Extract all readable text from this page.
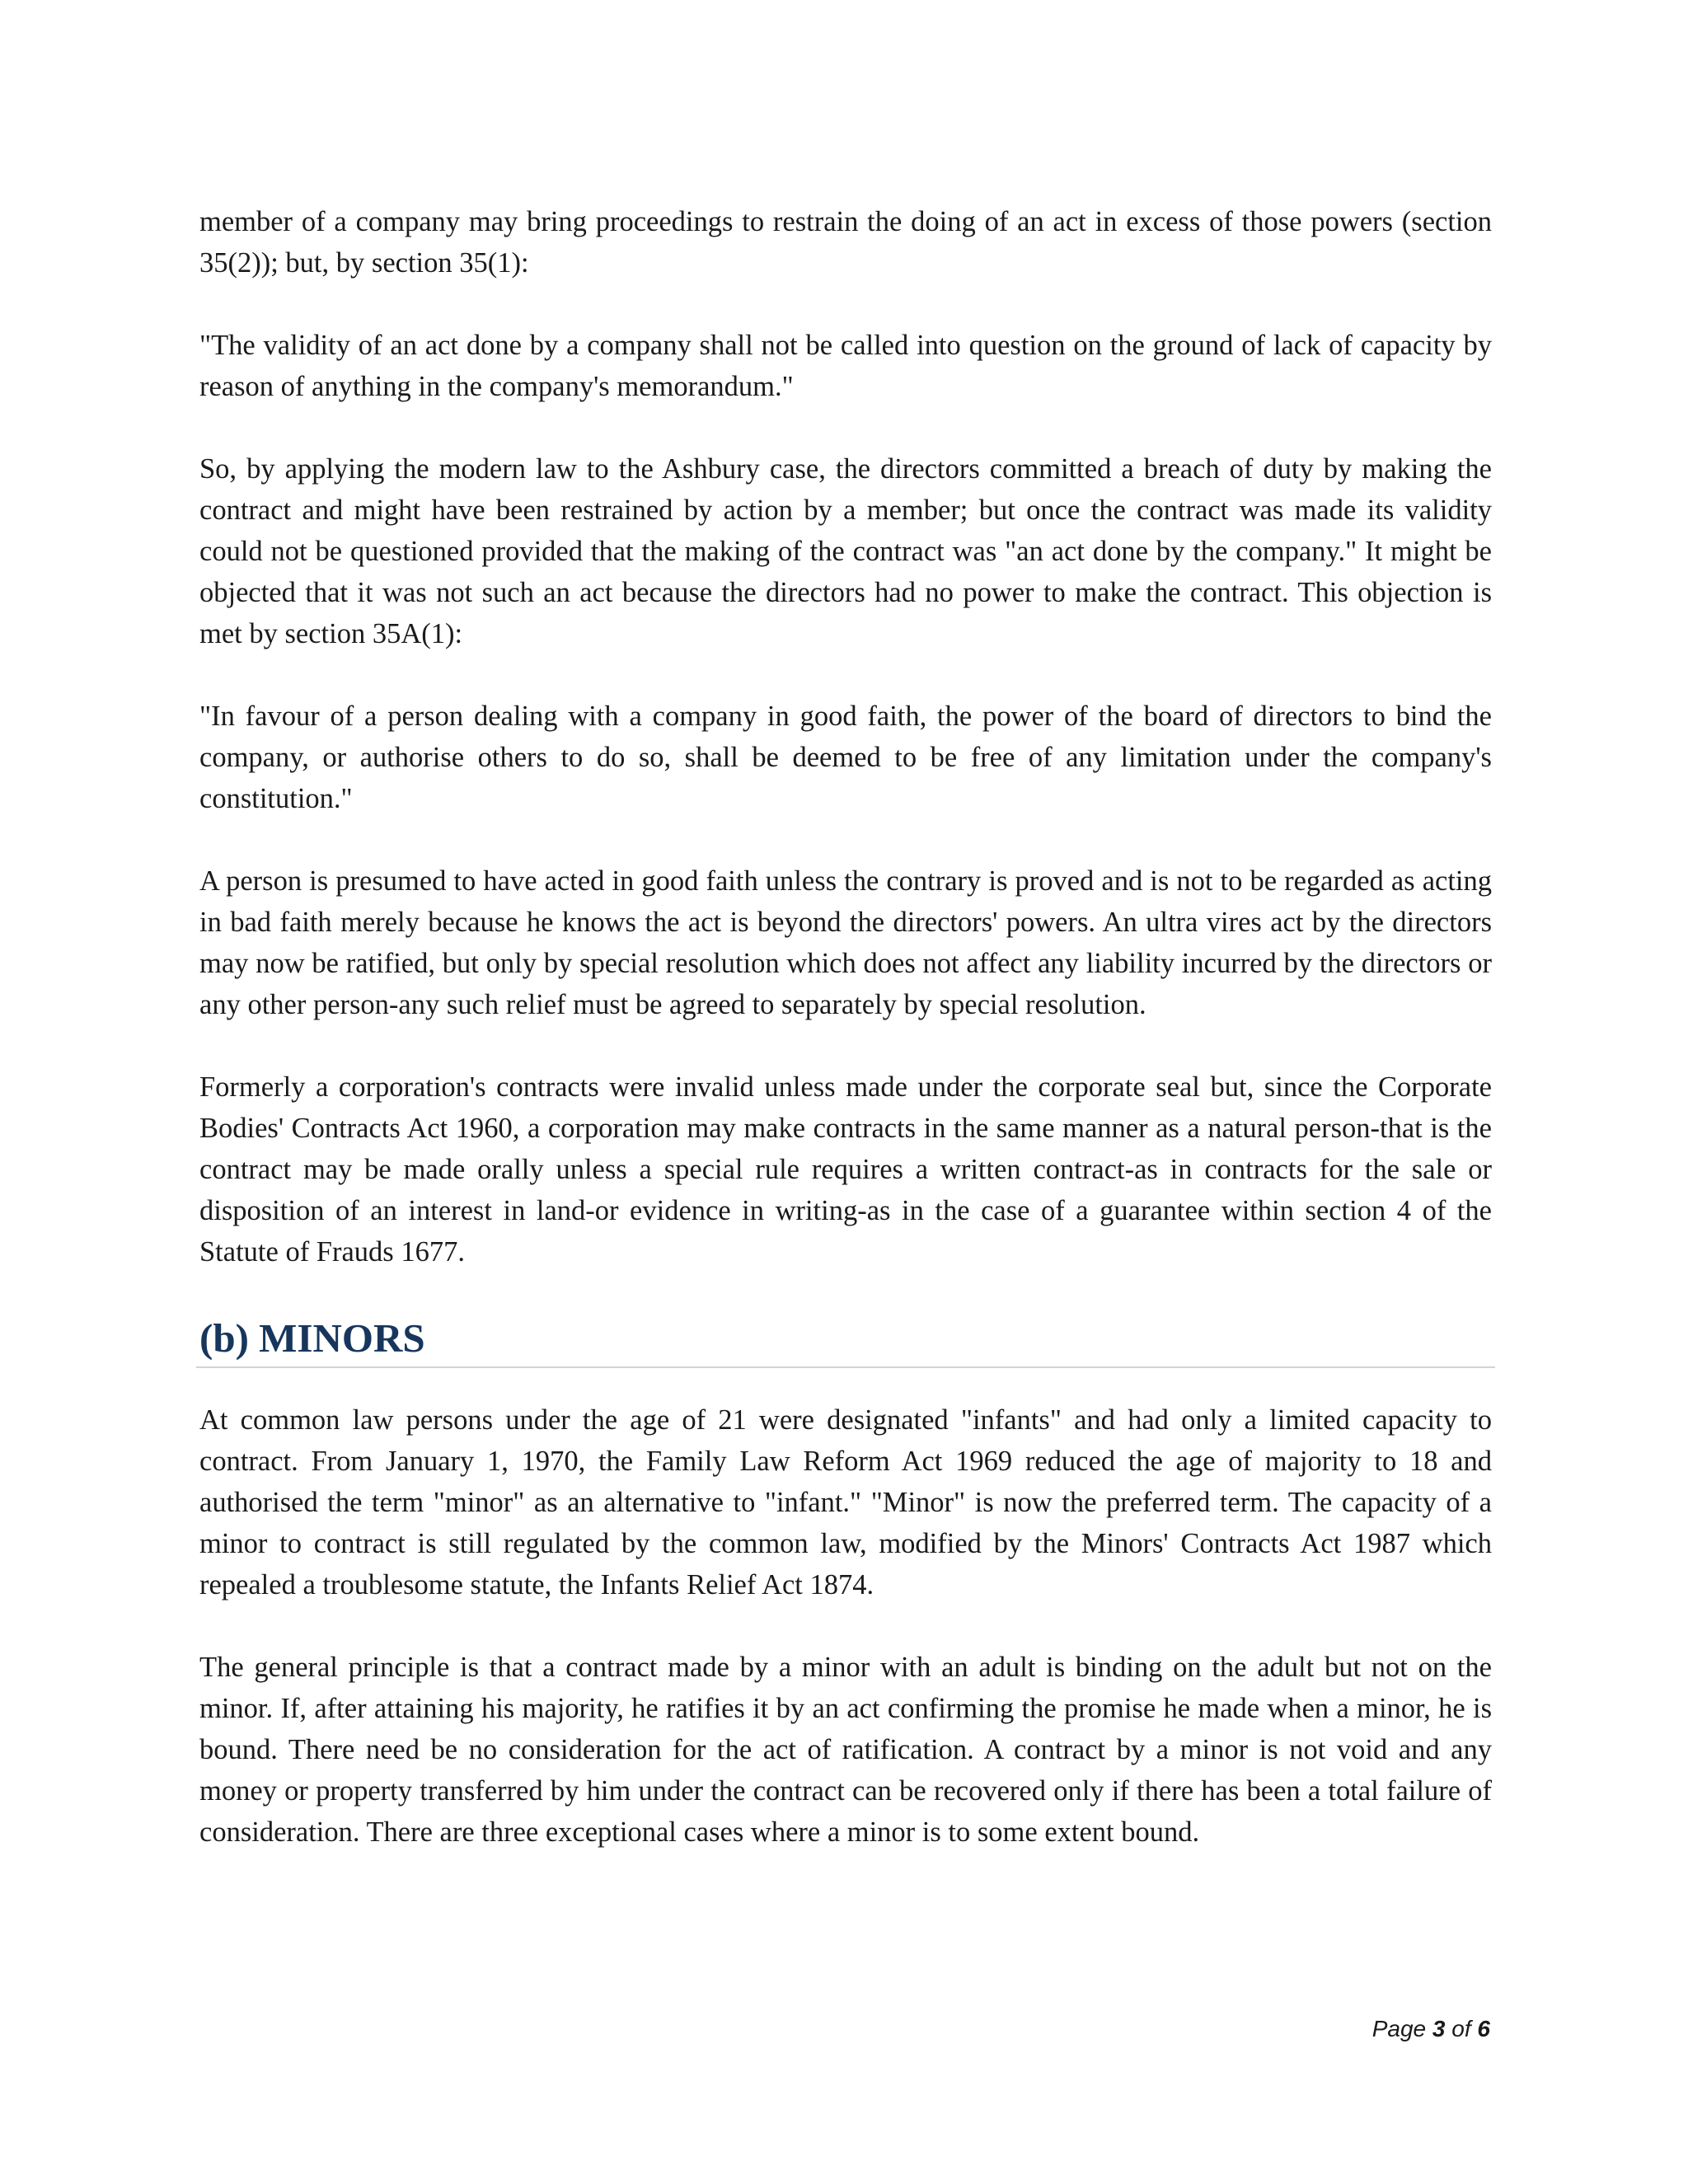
member of a company may bring proceedings to restrain the doing of an act in excess of those powers (section 35(2)); but, by section 35(1):

"The validity of an act done by a company shall not be called into question on the ground of lack of capacity by reason of anything in the company's memorandum."

So, by applying the modern law to the Ashbury case, the directors committed a breach of duty by making the contract and might have been restrained by action by a member; but once the contract was made its validity could not be questioned provided that the making of the contract was "an act done by the company." It might be objected that it was not such an act because the directors had no power to make the contract. This objection is met by section 35A(1):

"In favour of a person dealing with a company in good faith, the power of the board of directors to bind the company, or authorise others to do so, shall be deemed to be free of any limitation under the company's constitution."

A person is presumed to have acted in good faith unless the contrary is proved and is not to be regarded as acting in bad faith merely because he knows the act is beyond the directors' powers. An ultra vires act by the directors may now be ratified, but only by special resolution which does not affect any liability incurred by the directors or any other person-any such relief must be agreed to separately by special resolution.

Formerly a corporation's contracts were invalid unless made under the corporate seal but, since the Corporate Bodies' Contracts Act 1960, a corporation may make contracts in the same manner as a natural person-that is the contract may be made orally unless a special rule requires a written contract-as in contracts for the sale or disposition of an interest in land-or evidence in writing-as in the case of a guarantee within section 4 of the Statute of Frauds 1677.

(b) MINORS

At common law persons under the age of 21 were designated "infants" and had only a limited capacity to contract. From January 1, 1970, the Family Law Reform Act 1969 reduced the age of majority to 18 and authorised the term "minor" as an alternative to "infant." "Minor" is now the preferred term. The capacity of a minor to contract is still regulated by the common law, modified by the Minors' Contracts Act 1987 which repealed a troublesome statute, the Infants Relief Act 1874.

The general principle is that a contract made by a minor with an adult is binding on the adult but not on the minor. If, after attaining his majority, he ratifies it by an act confirming the promise he made when a minor, he is bound. There need be no consideration for the act of ratification. A contract by a minor is not void and any money or property transferred by him under the contract can be recovered only if there has been a total failure of consideration. There are three exceptional cases where a minor is to some extent bound.

Page 3 of 6
